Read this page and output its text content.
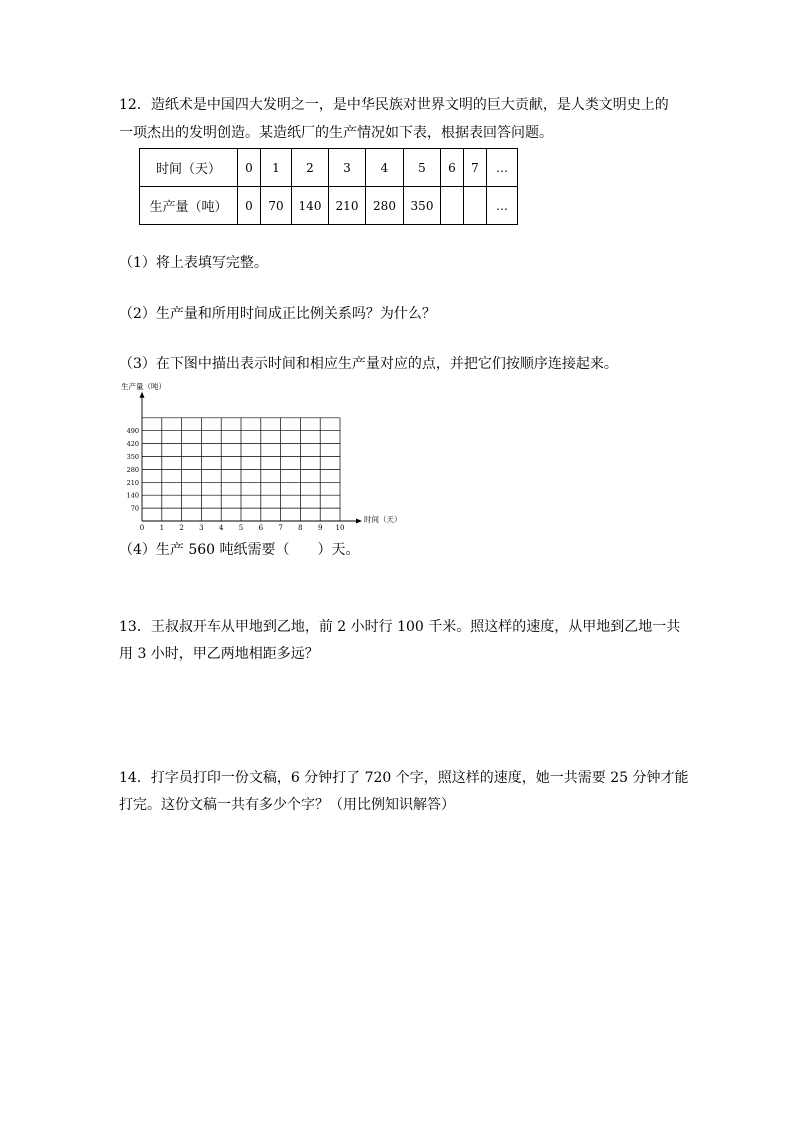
12．造纸术是中国四大发明之一，是中华民族对世界文明的巨大贡献，是人类文明史上的
一项杰出的发明创造。某造纸厂的生产情况如下表，根据表回答问题。
时间（天）	0	1	2	3	4	5	6	7	…
生产量（吨）	0	70	140	210	280	350			…
（1）将上表填写完整。
（2）生产量和所用时间成正比例关系吗？为什么？
（3）在下图中描出表示时间和相应生产量对应的点，并把它们按顺序连接起来。
0 1 2 3 4 5 6 7 8 9 10
70
140
210
280
350
420
490
时间（天）
生产量（吨）
（4）生产 560 吨纸需要（　　）天。
13．王叔叔开车从甲地到乙地，前 2 小时行 100 千米。照这样的速度，从甲地到乙地一共
用 3 小时，甲乙两地相距多远？
14．打字员打印一份文稿，6 分钟打了 720 个字，照这样的速度，她一共需要 25 分钟才能
打完。这份文稿一共有多少个字？（用比例知识解答）
